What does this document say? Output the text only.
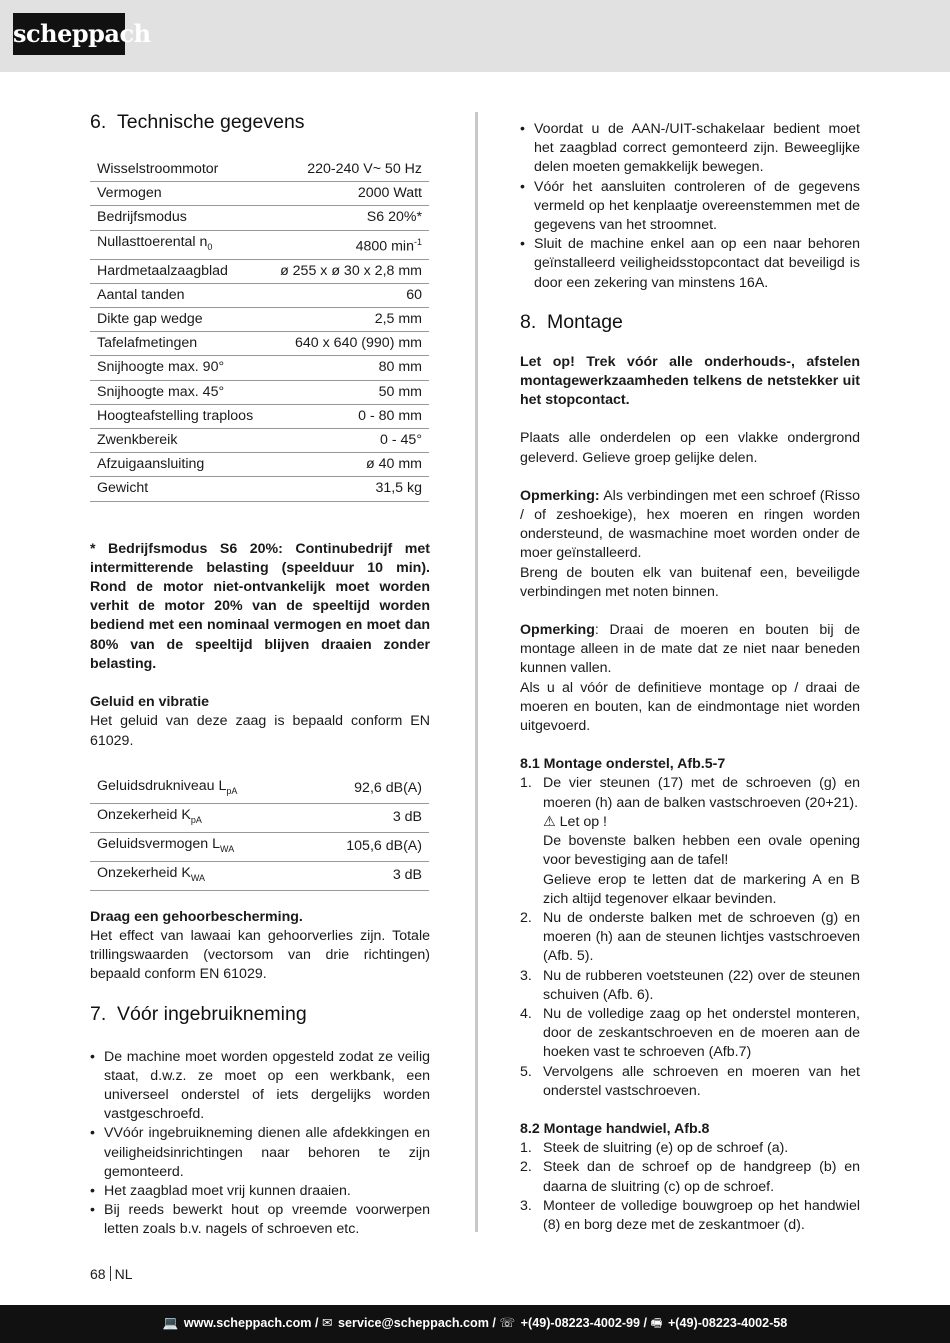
scheppach
6. Technische gegevens
Wisselstroommotor	220-240 V~ 50 Hz
Vermogen	2000 Watt
Bedrijfsmodus	S6 20%*
Nullasttoerental $n_0$	4800 $\min^{-1}$
Hardmetaalzaagblad	ø 255 x ø 30 x 2,8 mm
Aantal tanden	60
Dikte gap wedge	2,5 mm
Tafelafmetingen	640 x 640 (990) mm
Snijhoogte max. 90°	80 mm
Snijhoogte max. 45°	50 mm
Hoogteafstelling traploos	0 - 80 mm
Zwenkbereik	0 - 45°
Afzuigaansluiting	ø 40 mm
Gewicht	31,5 kg

* Bedrijfsmodus S6 20%: Continubedrijf met intermitterende belasting (speelduur 10 min). Rond de motor niet-ontvankelijk moet worden verhit de motor 20% van de speeltijd worden bediend met een nominaal vermogen en moet dan 80% van de speeltijd blijven draaien zonder belasting.

Geluid en vibratie

Het geluid van deze zaag is bepaald conform EN 61029.

Geluidsdrukniveau $L_{pA}$	92,6 dB(A)
Onzekerheid $K_{pA}$	3 dB
Geluidsvermogen $L_{WA}$	105,6 dB(A)
Onzekerheid $K_{WA}$	3 dB

Draag een gehoorbescherming.

Het effect van lawaai kan gehoorverlies zijn. Totale trillingswaarden (vectorsom van drie richtingen) bepaald conform EN 61029.

7. Vóór ingebruikneming
• De machine moet worden opgesteld zodat ze veilig staat, d.w.z. ze moet op een werkbank, een universeel onderstel of iets dergelijks worden vastgeschroefd.
• VVóór ingebruikneming dienen alle afdekkingen en veiligheidsinrichtingen naar behoren te zijn gemonteerd.
• Het zaagblad moet vrij kunnen draaien.
• Bij reeds bewerkt hout op vreemde voorwerpen letten zoals b.v. nagels of schroeven etc.
• Voordat u de AAN-/UIT-schakelaar bedient moet het zaagblad correct gemonteerd zijn. Beweeglijke delen moeten gemakkelijk bewegen.
• Vóór het aansluiten controleren of de gegevens vermeld op het kenplaatje overeenstemmen met de gegevens van het stroomnet.
• Sluit de machine enkel aan op een naar behoren geïnstalleerd veiligheidsstopcontact dat beveiligd is door een zekering van minstens 16A.
8. Montage

Let op! Trek vóór alle onderhouds-, afstelen montagewerkzaamheden telkens de netstekker uit het stopcontact.

Plaats alle onderdelen op een vlakke ondergrond geleverd. Gelieve groep gelijke delen.

Opmerking: Als verbindingen met een schroef (Risso / of zeshoekige), hex moeren en ringen worden ondersteund, de wasmachine moet worden onder de moer geïnstalleerd.

Breng de bouten elk van buitenaf een, beveiligde verbindingen met noten binnen.

Opmerking: Draai de moeren en bouten bij de montage alleen in de mate dat ze niet naar beneden kunnen vallen.

Als u al vóór de definitieve montage op / draai de moeren en bouten, kan de eindmontage niet worden uitgevoerd.

8.1 Montage onderstel, Afb.5-7

1. De vier steunen (17) met de schroeven (g) en moeren (h) aan de balken vastschroeven (20+21).
⚠ Let op !
De bovenste balken hebben een ovale opening voor bevestiging aan de tafel!
Gelieve erop te letten dat de markering A en B zich altijd tegenover elkaar bevinden.
2. Nu de onderste balken met de schroeven (g) en moeren (h) aan de steunen lichtjes vastschroeven (Afb. 5).
3. Nu de rubberen voetsteunen (22) over de steunen schuiven (Afb. 6).
4. Nu de volledige zaag op het onderstel monteren, door de zeskantschroeven en de moeren aan de hoeken vast te schroeven (Afb.7)
5. Vervolgens alle schroeven en moeren van het onderstel vastschroeven.

8.2 Montage handwiel, Afb.8

1. Steek de sluitring (e) op de schroef (a).
2. Steek dan de schroef op de handgreep (b) en daarna de sluitring (c) op de schroef.
3. Monteer de volledige bouwgroep op het handwiel (8) en borg deze met de zeskantmoer (d).
68 NL
💻 www.scheppach.com / ✉ service@scheppach.com / ☏ +(49)-08223-4002-99 / 🖷 +(49)-08223-4002-58
